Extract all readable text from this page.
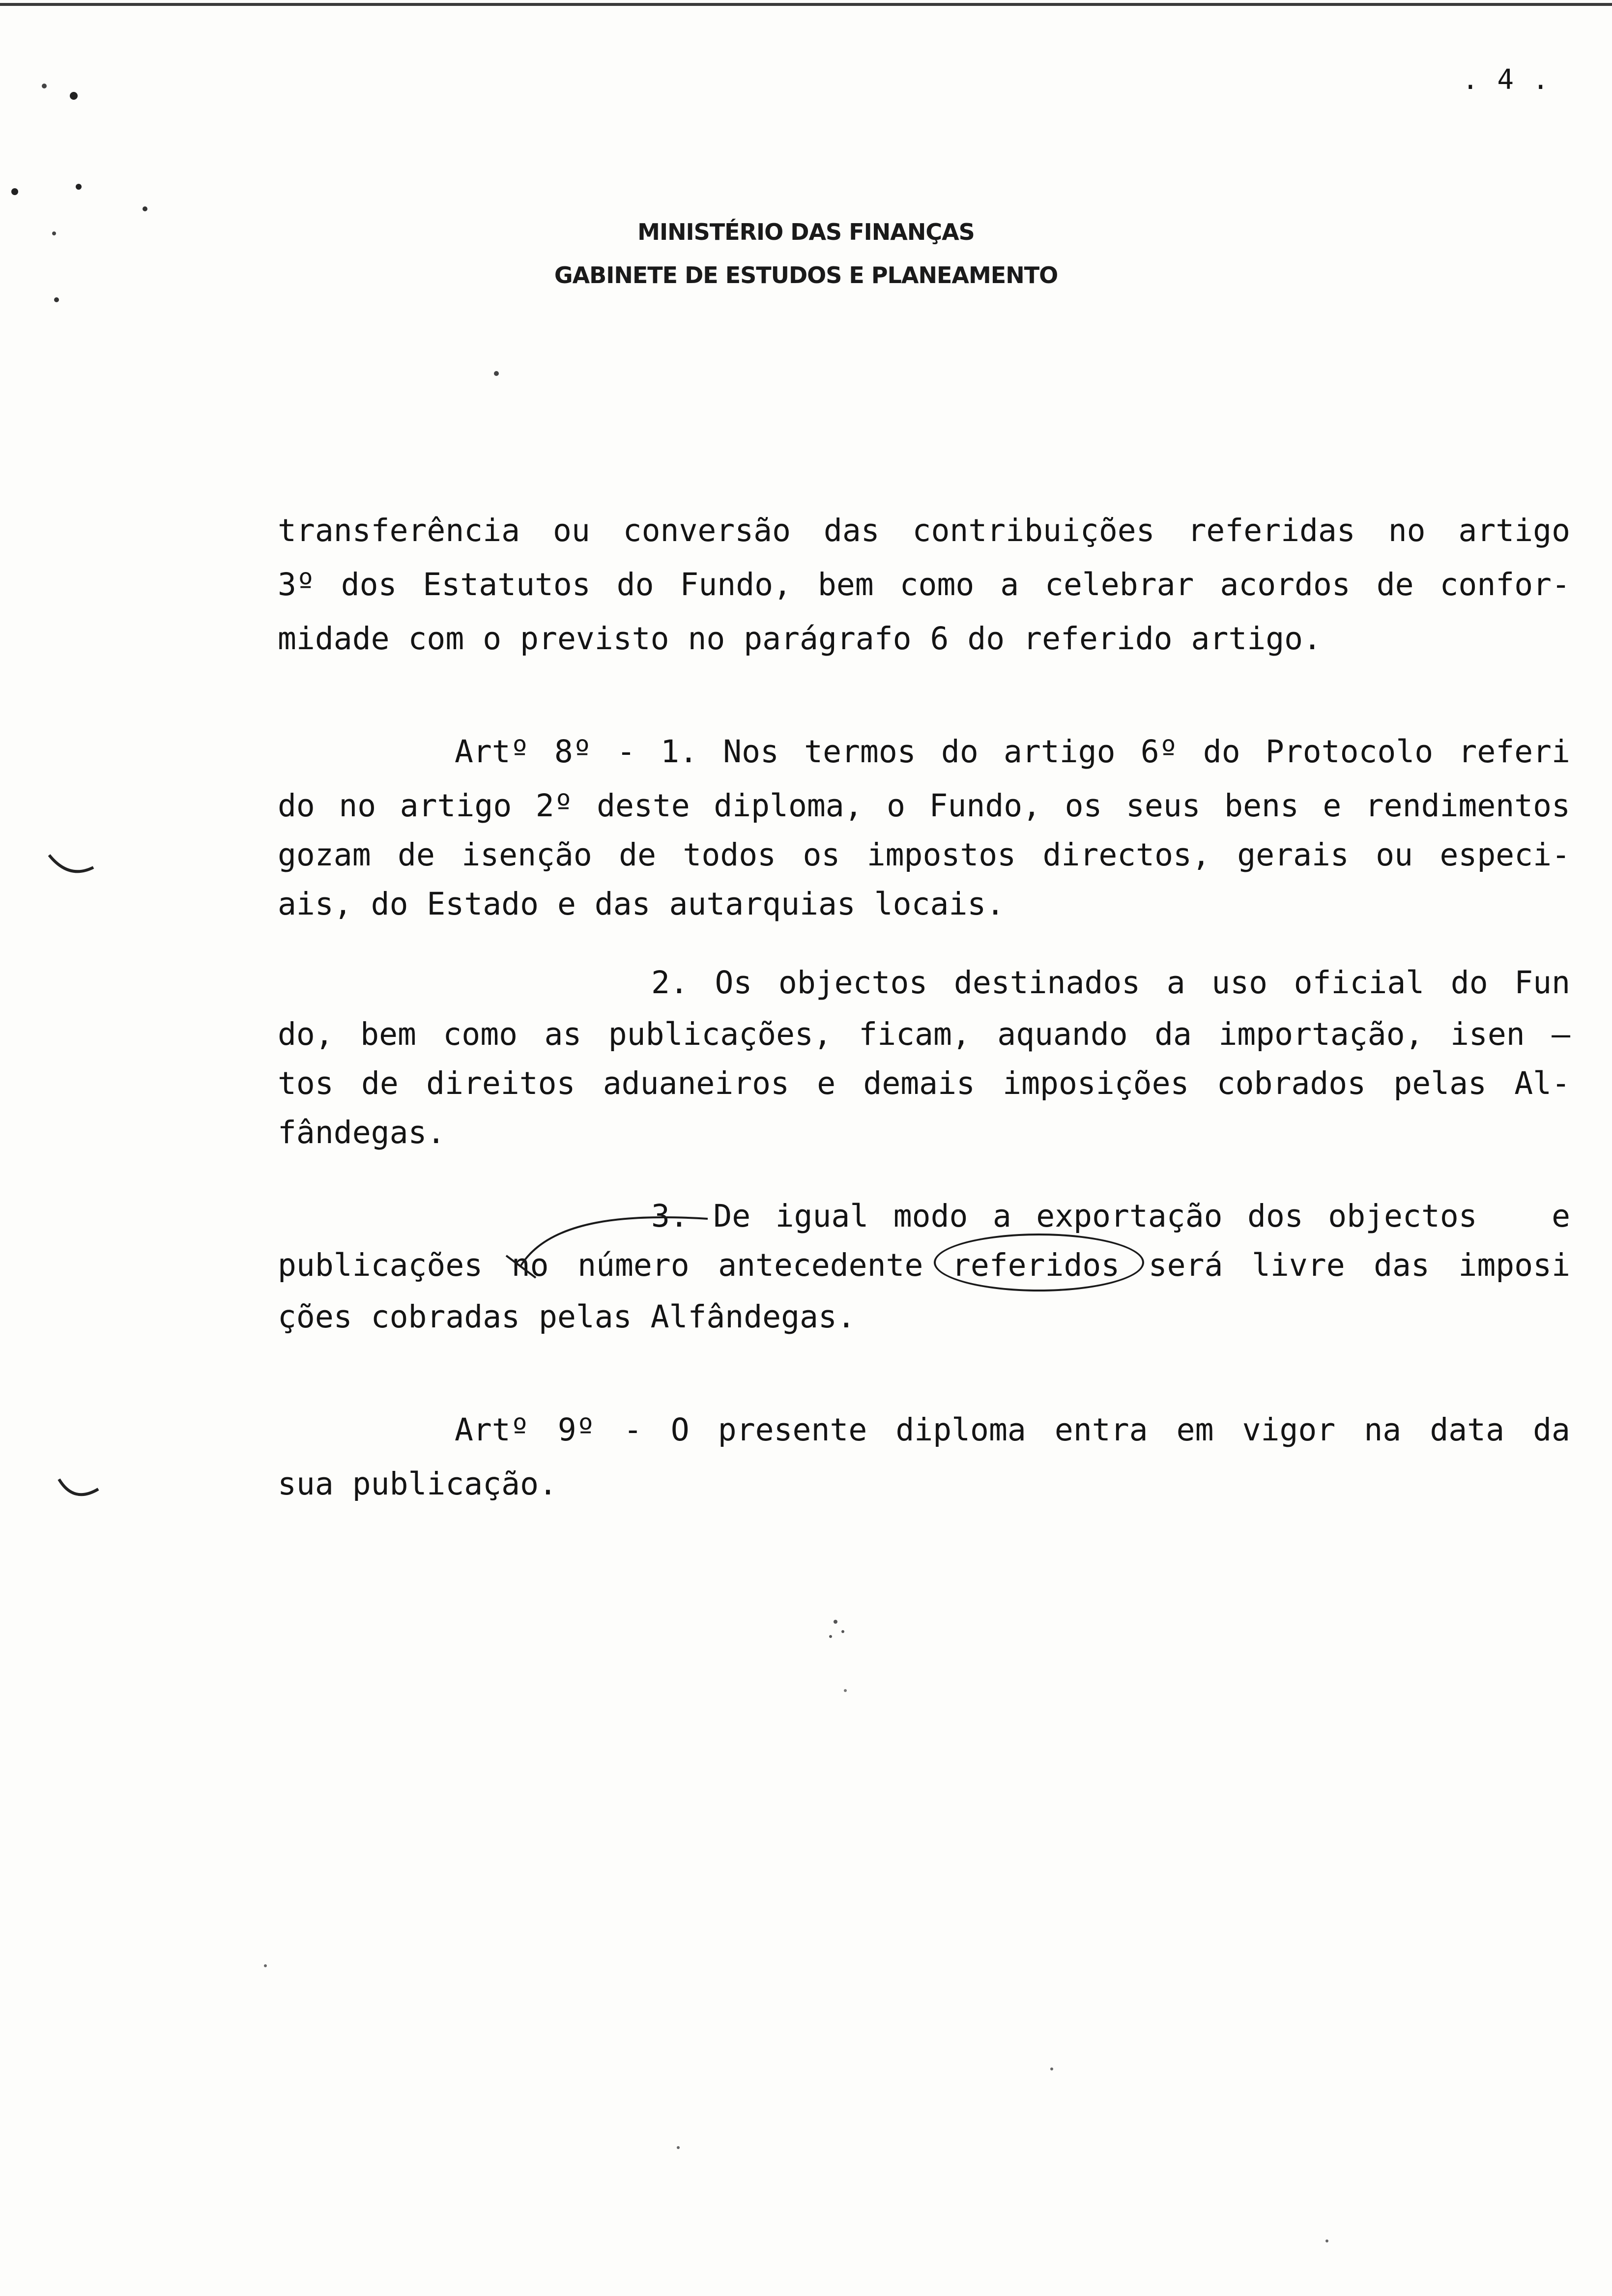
. 4 .
MINISTÉRIO DAS FINANÇAS
GABINETE DE ESTUDOS E PLANEAMENTO
transferência ou conversão das contribuições referidas no artigo
3º dos Estatutos do Fundo, bem como a celebrar acordos de confor-
midade com o previsto no parágrafo 6 do referido artigo.
Artº 8º - 1. Nos termos do artigo 6º do Protocolo referi
do no artigo 2º deste diploma, o Fundo, os seus bens e rendimentos
gozam de isenção de todos os impostos directos, gerais ou especi-
ais, do Estado e das autarquias locais.
2. Os objectos destinados a uso oficial do Fun
do, bem como as publicações, ficam, aquando da importação, isen —
tos de direitos aduaneiros e demais imposições cobrados pelas Al-
fândegas.
3. De igual modo a exportação dos objectos   e
publicações no número antecedente referidos será livre das imposi
ções cobradas pelas Alfândegas.
Artº 9º - O presente diploma entra em vigor na data da
sua publicação.
